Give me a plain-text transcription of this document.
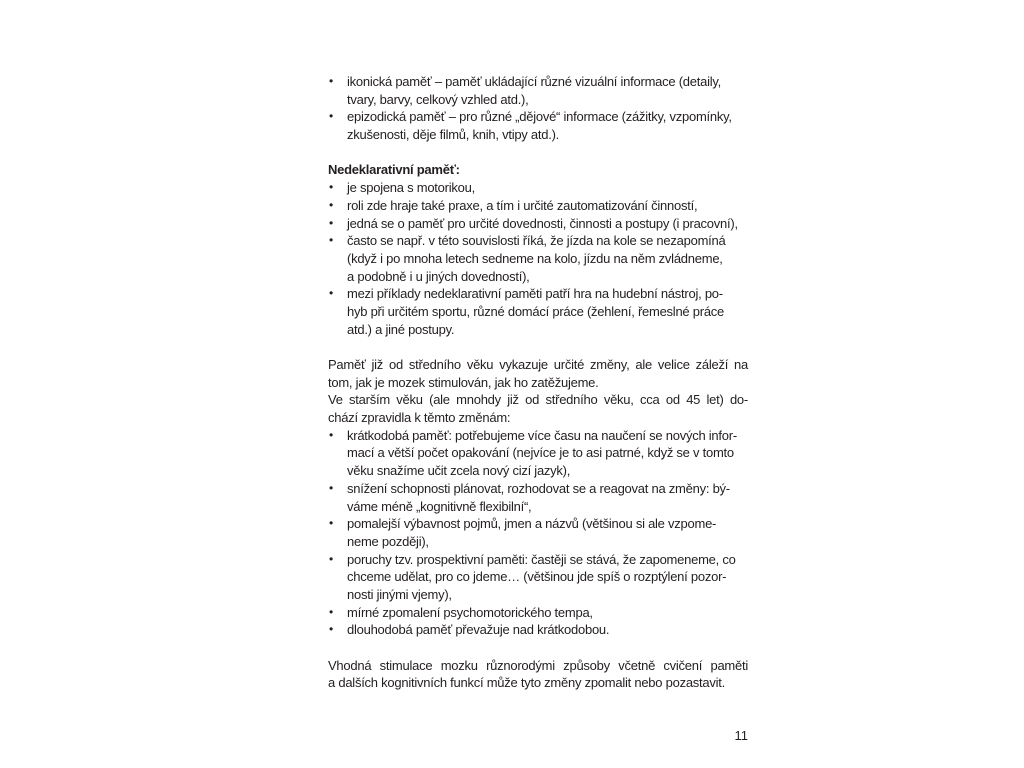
• ikonická paměť – paměť ukládající různé vizuální informace (detaily,
tvary, barvy, celkový vzhled atd.),
• epizodická paměť – pro různé „dějové“ informace (zážitky, vzpomínky,
zkušenosti, děje filmů, knih, vtipy atd.).
Nedeklarativní paměť:
• je spojena s motorikou,
• roli zde hraje také praxe, a tím i určité zautomatizování činností,
• jedná se o paměť pro určité dovednosti, činnosti a postupy (i pracovní),
• často se např. v této souvislosti říká, že jízda na kole se nezapomíná
(když i po mnoha letech sedneme na kolo, jízdu na něm zvládneme,
a podobně i u jiných dovedností),
• mezi příklady nedeklarativní paměti patří hra na hudební nástroj, po-
hyb při určitém sportu, různé domácí práce (žehlení, řemeslné práce
atd.) a jiné postupy.
Paměť již od středního věku vykazuje určité změny, ale velice záleží na
tom, jak je mozek stimulován, jak ho zatěžujeme.
Ve starším věku (ale mnohdy již od středního věku, cca od 45 let) do-
chází zpravidla k těmto změnám:
• krátkodobá paměť: potřebujeme více času na naučení se nových infor-
mací a větší počet opakování (nejvíce je to asi patrné, když se v tomto
věku snažíme učit zcela nový cizí jazyk),
• snížení schopnosti plánovat, rozhodovat se a reagovat na změny: bý-
váme méně „kognitivně flexibilní“,
• pomalejší výbavnost pojmů, jmen a názvů (většinou si ale vzpome-
neme později),
• poruchy tzv. prospektivní paměti: častěji se stává, že zapomeneme, co
chceme udělat, pro co jdeme… (většinou jde spíš o rozptýlení pozor-
nosti jinými vjemy),
• mírné zpomalení psychomotorického tempa,
• dlouhodobá paměť převažuje nad krátkodobou.
Vhodná stimulace mozku různorodými způsoby včetně cvičení paměti
a dalších kognitivních funkcí může tyto změny zpomalit nebo pozastavit.
11
